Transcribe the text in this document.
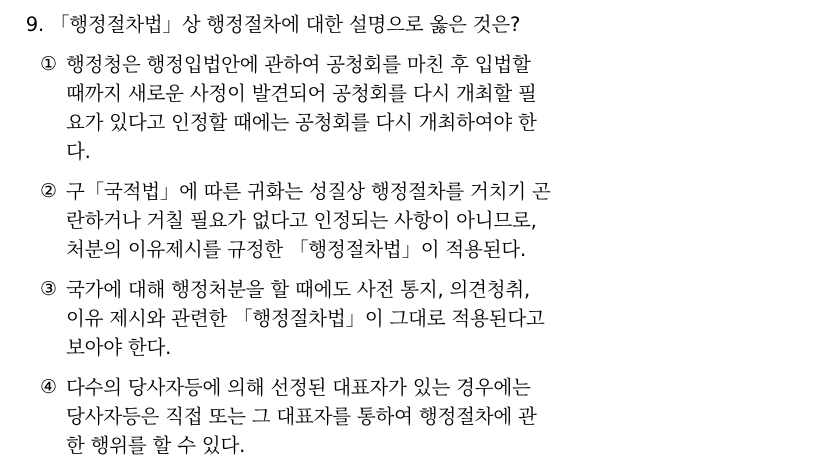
9. 「행정절차법」상 행정절차에 대한 설명으로 옳은 것은?
① 행정청은 행정입법안에 관하여 공청회를 마친 후 입법할
때까지 새로운 사정이 발견되어 공청회를 다시 개최할 필
요가 있다고 인정할 때에는 공청회를 다시 개최하여야 한
다.
② 구「국적법」에 따른 귀화는 성질상 행정절차를 거치기 곤
란하거나 거칠 필요가 없다고 인정되는 사항이 아니므로,
처분의 이유제시를 규정한 「행정절차법」이 적용된다.
③ 국가에 대해 행정처분을 할 때에도 사전 통지, 의견청취,
이유 제시와 관련한 「행정절차법」이 그대로 적용된다고
보아야 한다.
④ 다수의 당사자등에 의해 선정된 대표자가 있는 경우에는
당사자등은 직접 또는 그 대표자를 통하여 행정절차에 관
한 행위를 할 수 있다.
